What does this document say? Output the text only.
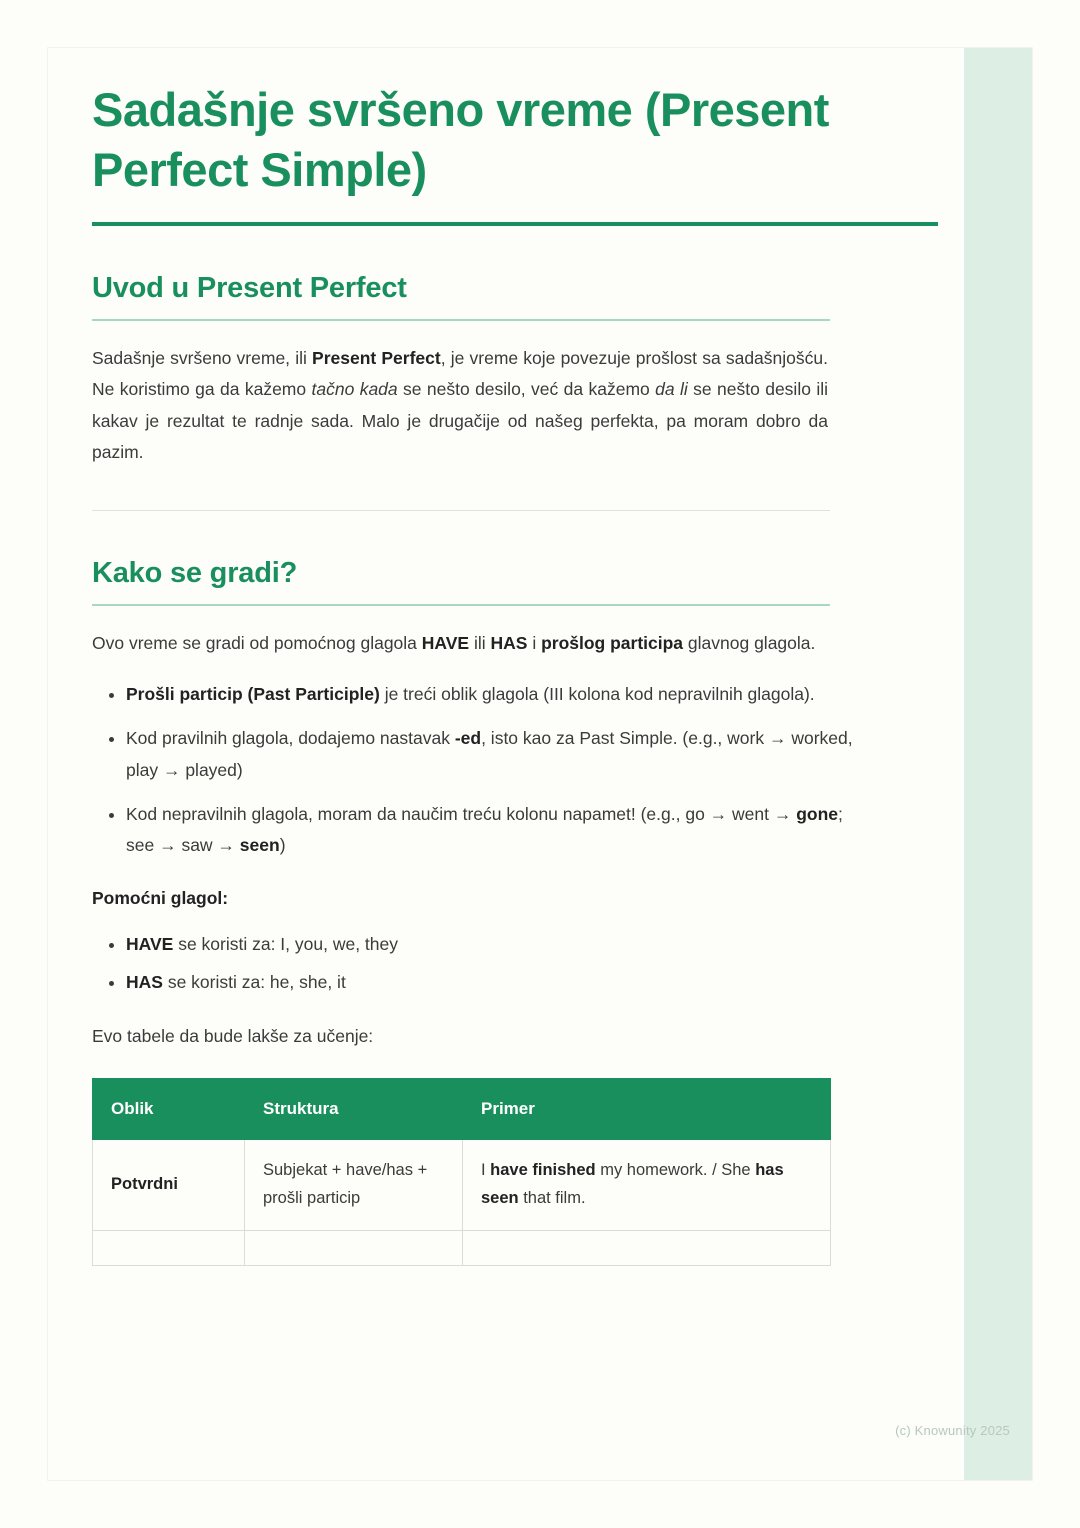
Sadašnje svršeno vreme (Present Perfect Simple)
Uvod u Present Perfect

Sadašnje svršeno vreme, ili Present Perfect, je vreme koje povezuje prošlost sa sadašnjošću. Ne koristimo ga da kažemo tačno kada se nešto desilo, već da kažemo da li se nešto desilo ili kakav je rezultat te radnje sada. Malo je drugačije od našeg perfekta, pa moram dobro da pazim.

Kako se gradi?

Ovo vreme se gradi od pomoćnog glagola HAVE ili HAS i prošlog participa glavnog glagola.

• Prošli particip (Past Participle) je treći oblik glagola (III kolona kod nepravilnih glagola).
• Kod pravilnih glagola, dodajemo nastavak -ed, isto kao za Past Simple. (e.g., work → worked, play → played)
• Kod nepravilnih glagola, moram da naučim treću kolonu napamet! (e.g., go → went → gone; see → saw → seen)

Pomoćni glagol:

• HAVE se koristi za: I, you, we, they
• HAS se koristi za: he, she, it

Evo tabele da bude lakše za učenje:

Oblik	Struktura	Primer
Potvrdni	Subjekat + have/has + prošli particip	I have finished my homework. / She has seen that film.

(c) Knowunity 2025
